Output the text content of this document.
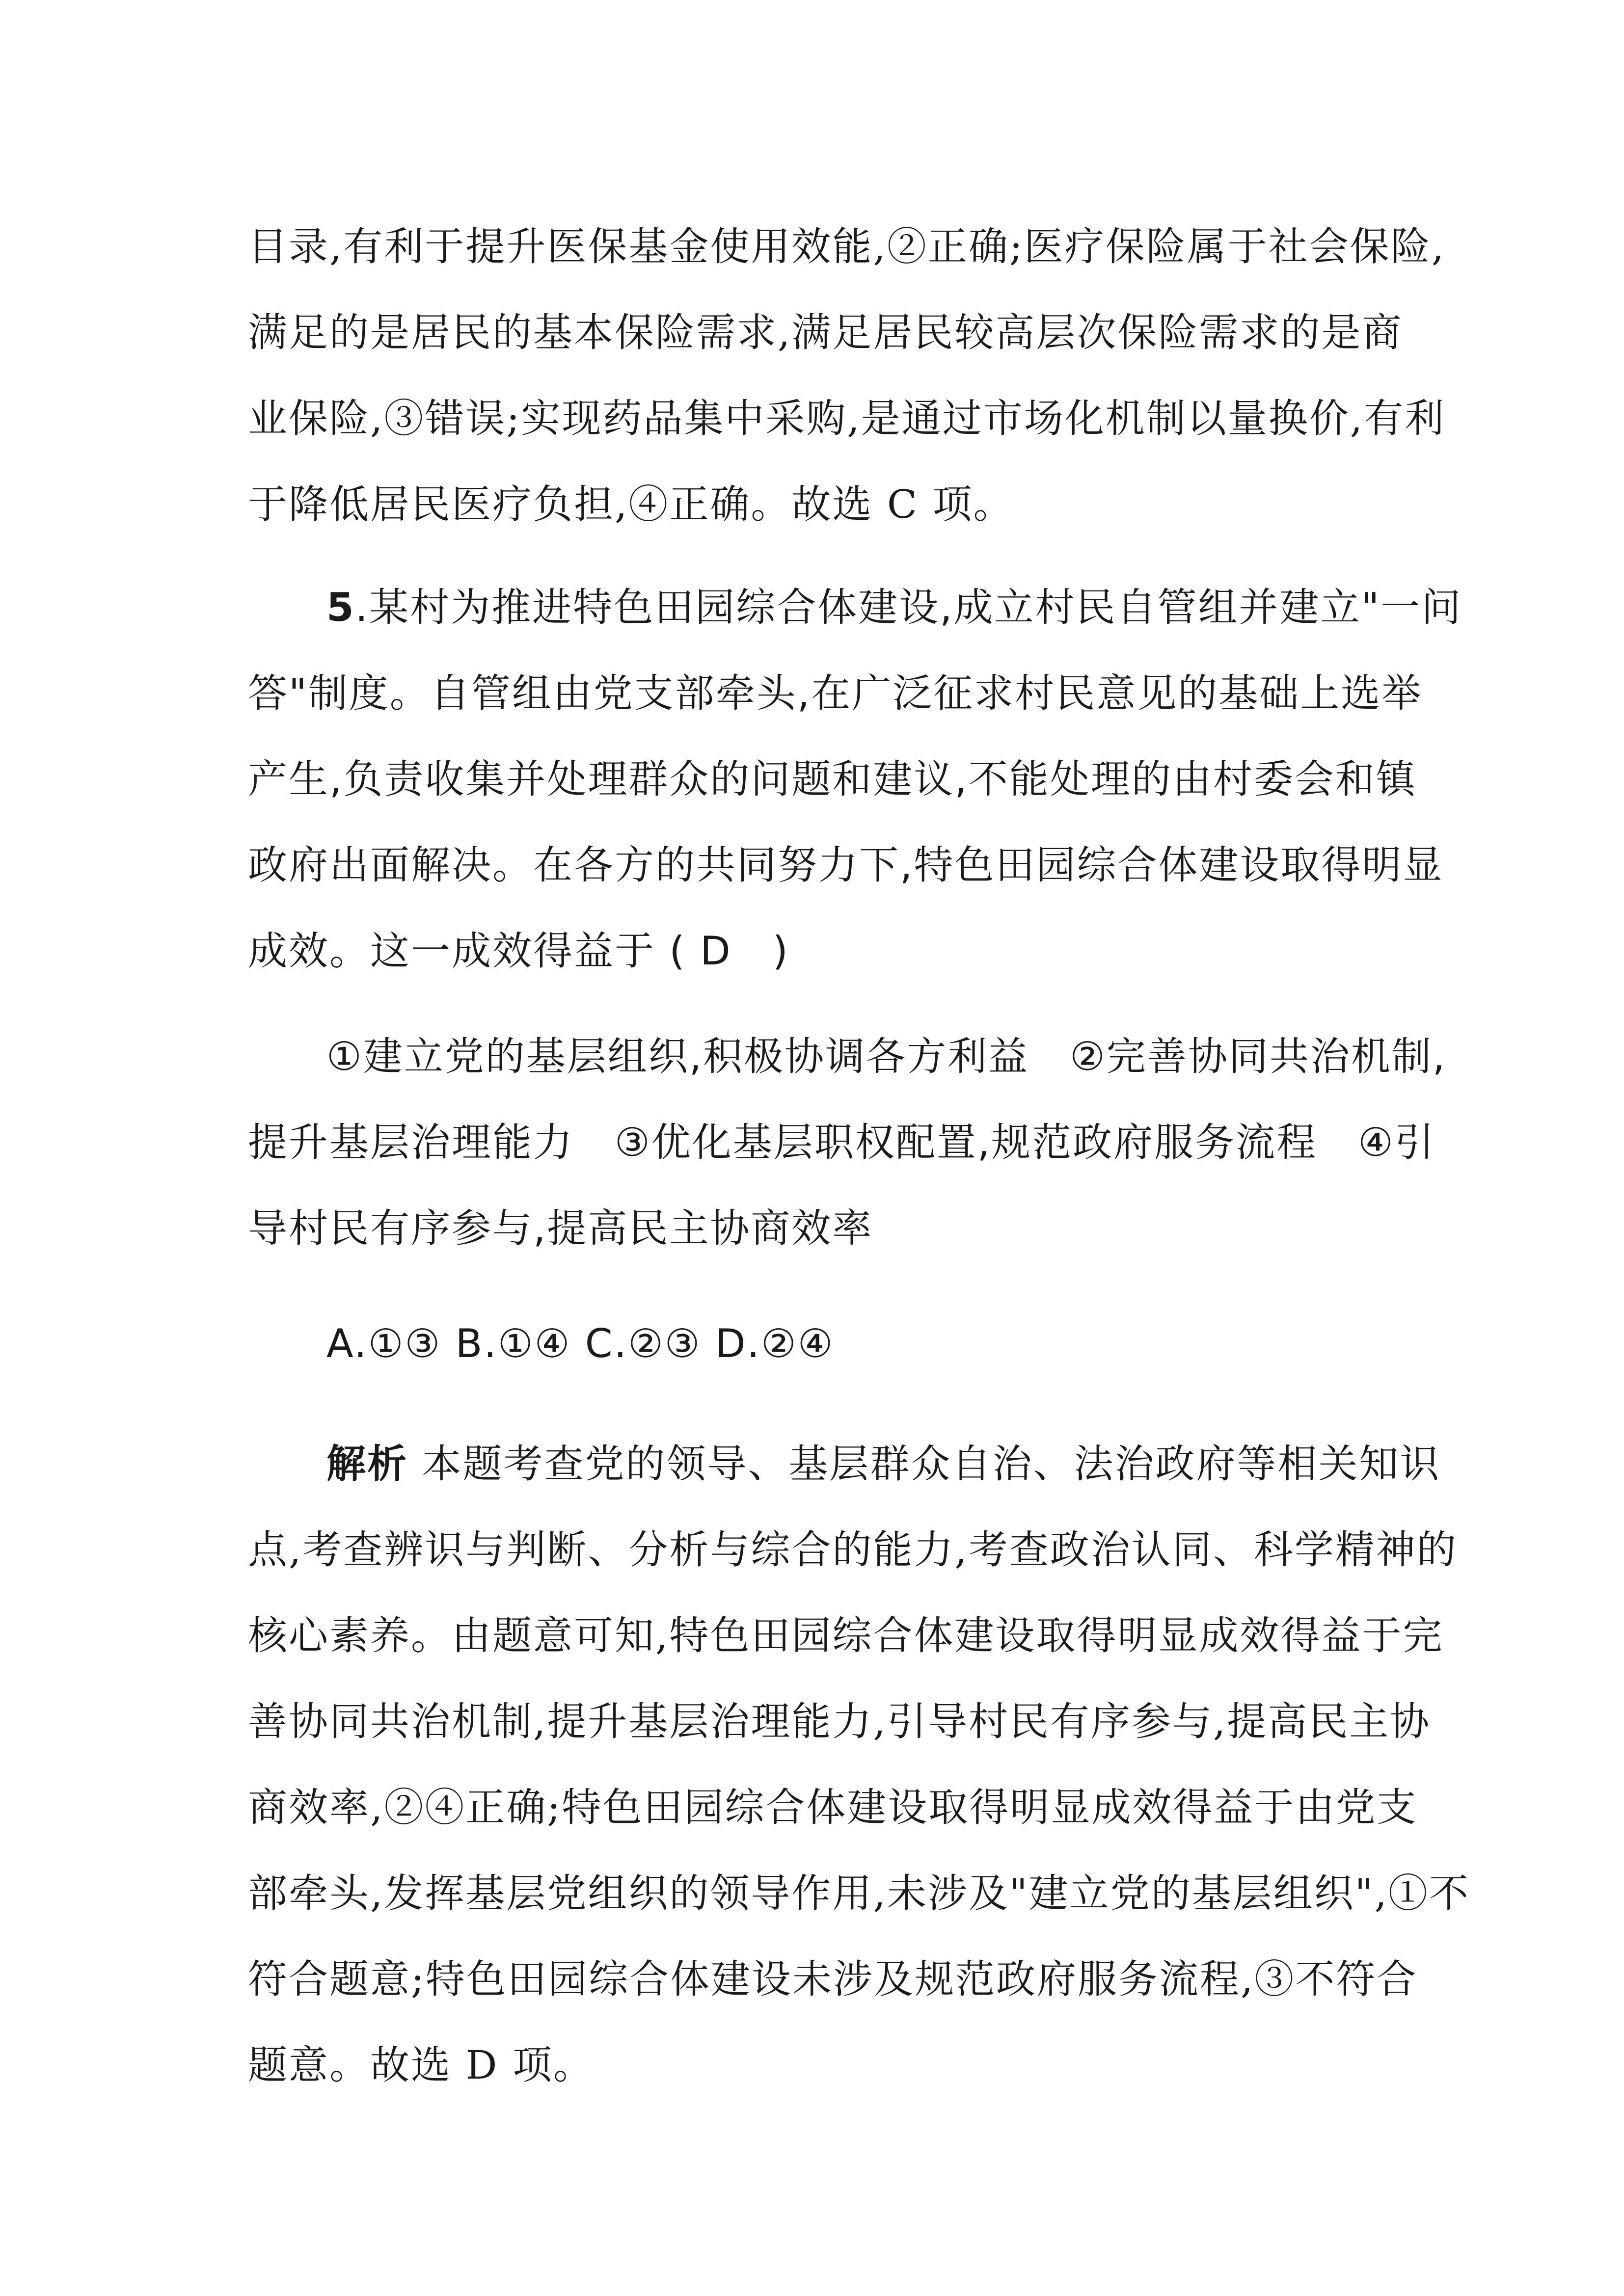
目录,有利于提升医保基金使用效能,②正确;医疗保险属于社会保险,
满足的是居民的基本保险需求,满足居民较高层次保险需求的是商
业保险,③错误;实现药品集中采购,是通过市场化机制以量换价,有利
于降低居民医疗负担,④正确。故选 C 项。
5.某村为推进特色田园综合体建设,成立村民自管组并建立"一问
答"制度。自管组由党支部牵头,在广泛征求村民意见的基础上选举
产生,负责收集并处理群众的问题和建议,不能处理的由村委会和镇
政府出面解决。在各方的共同努力下,特色田园综合体建设取得明显
成效。这一成效得益于 ( D　)
①建立党的基层组织,积极协调各方利益　②完善协同共治机制,
提升基层治理能力　③优化基层职权配置,规范政府服务流程　④引
导村民有序参与,提高民主协商效率
A.①③ B.①④ C.②③ D.②④
解析 本题考查党的领导、基层群众自治、法治政府等相关知识
点,考查辨识与判断、分析与综合的能力,考查政治认同、科学精神的
核心素养。由题意可知,特色田园综合体建设取得明显成效得益于完
善协同共治机制,提升基层治理能力,引导村民有序参与,提高民主协
商效率,②④正确;特色田园综合体建设取得明显成效得益于由党支
部牵头,发挥基层党组织的领导作用,未涉及"建立党的基层组织",①不
符合题意;特色田园综合体建设未涉及规范政府服务流程,③不符合
题意。故选 D 项。
